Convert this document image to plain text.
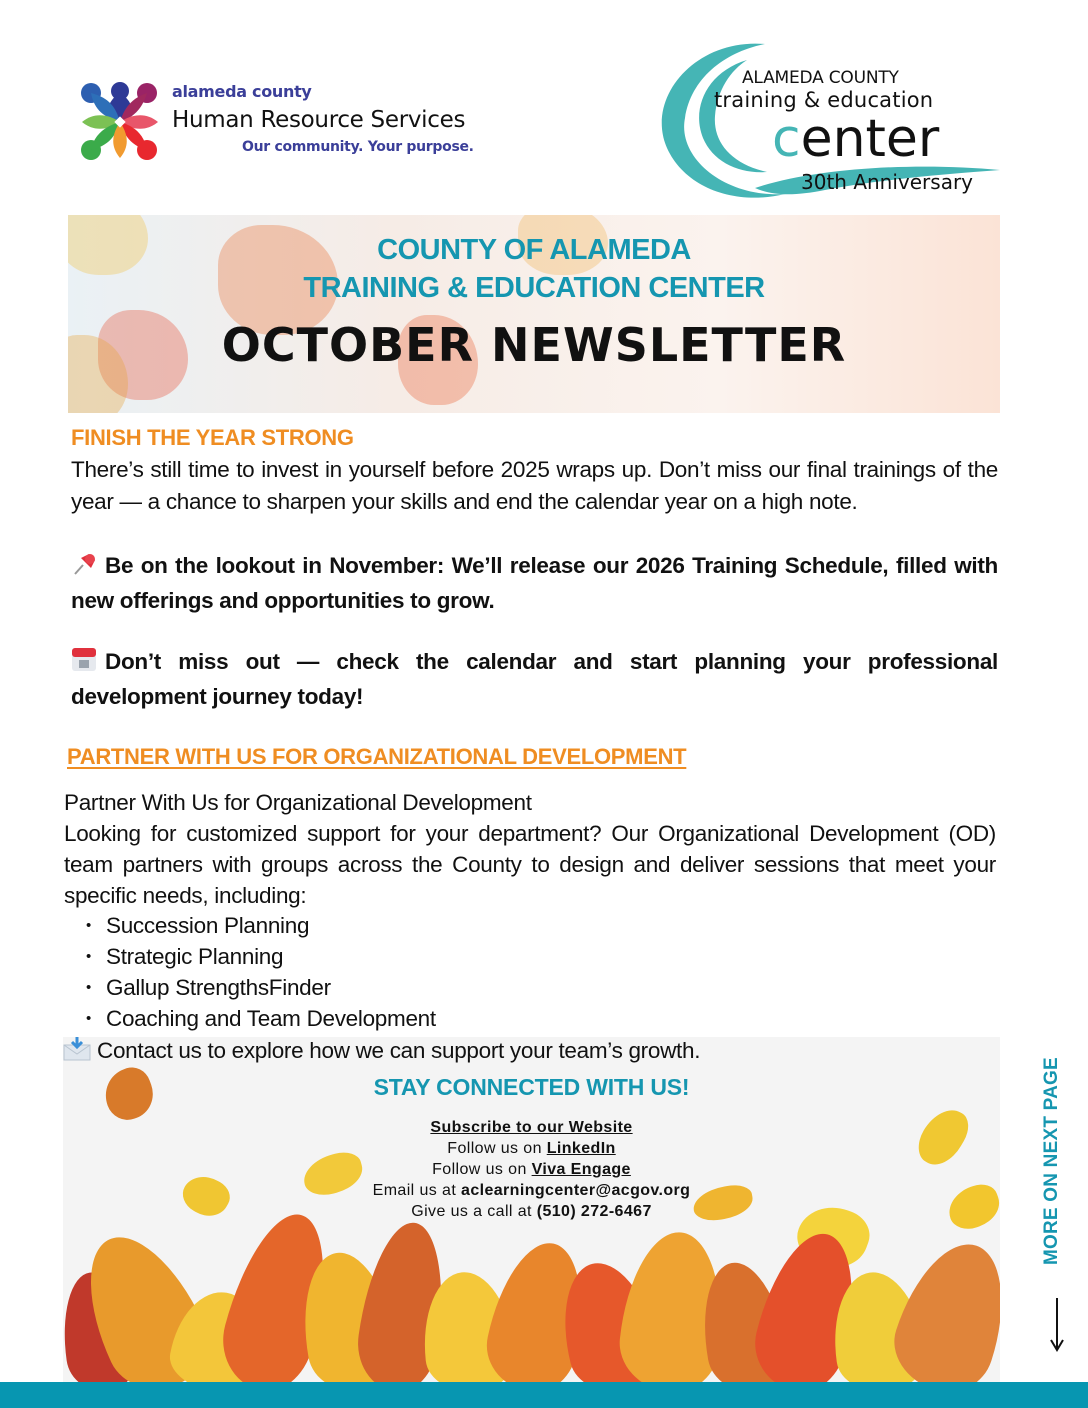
alameda county
Human Resource Services
Our community. Your purpose.
ALAMEDA COUNTY
training & education
center
30th Anniversary
COUNTY OF ALAMEDA
TRAINING & EDUCATION CENTER
OCTOBER NEWSLETTER
FINISH THE YEAR STRONG
There’s still time to invest in yourself before 2025 wraps up. Don’t miss our final trainings of the year — a chance to sharpen your skills and end the calendar year on a high note.
Be on the lookout in November: We’ll release our 2026 Training Schedule, filled with new offerings and opportunities to grow.
Don’t miss out — check the calendar and start planning your professional development journey today!
PARTNER WITH US FOR ORGANIZATIONAL DEVELOPMENT
Partner With Us for Organizational Development
Looking for customized support for your department? Our Organizational Development (OD) team partners with groups across the County to design and deliver sessions that meet your specific needs, including:
• Succession Planning
• Strategic Planning
• Gallup StrengthsFinder
• Coaching and Team Development
Contact us to explore how we can support your team’s growth.
STAY CONNECTED WITH US!
Subscribe to our Website
Follow us on LinkedIn
Follow us on Viva Engage
Email us at aclearningcenter@acgov.org
Give us a call at (510) 272-6467	MORE ON NEXT PAGE
